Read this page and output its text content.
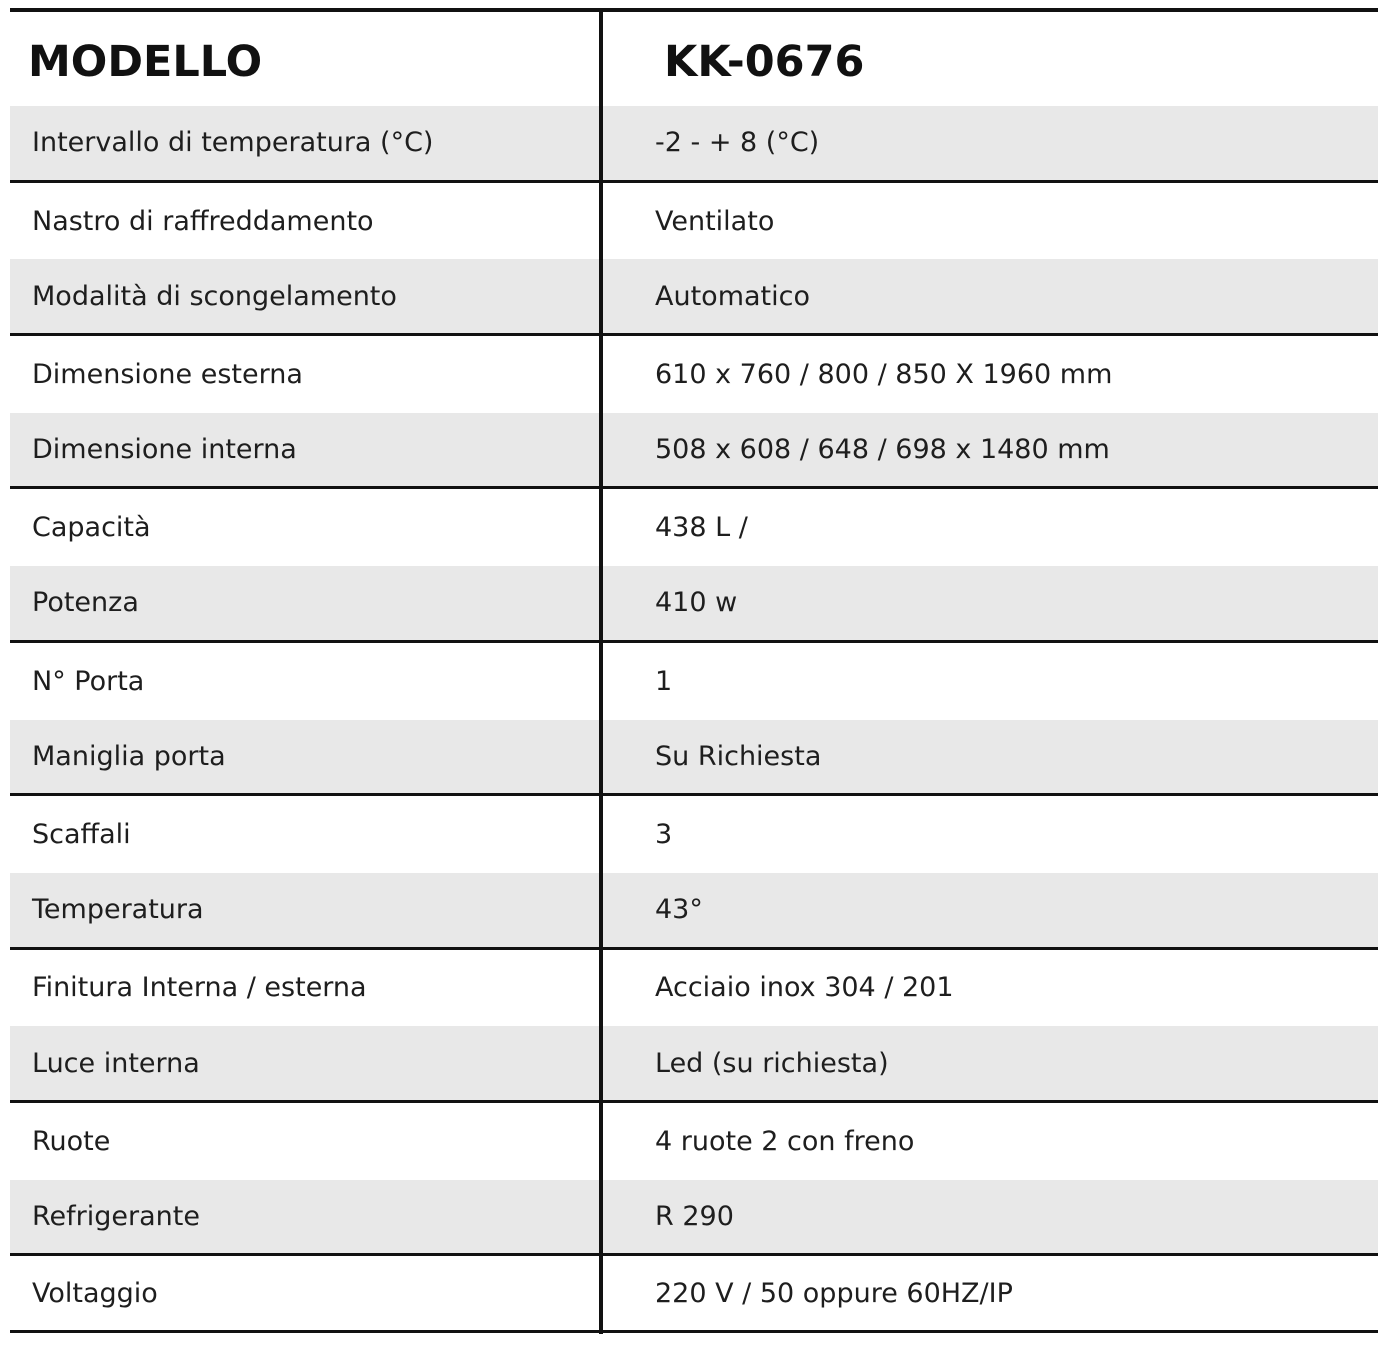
MODELLO	KK-0676
Intervallo di temperatura (°C)	-2 - + 8 (°C)
Nastro di raffreddamento	Ventilato
Modalità di scongelamento	Automatico
Dimensione esterna	610 x 760 / 800 / 850 X 1960 mm
Dimensione interna	508 x 608 / 648 / 698 x 1480 mm
Capacità	438 L /
Potenza	410 w
N° Porta	1
Maniglia porta	Su Richiesta
Scaffali	3
Temperatura	43°
Finitura Interna / esterna	Acciaio inox 304 / 201
Luce interna	Led (su richiesta)
Ruote	4 ruote 2 con freno
Refrigerante	R 290
Voltaggio	220 V / 50 oppure 60HZ/IP
